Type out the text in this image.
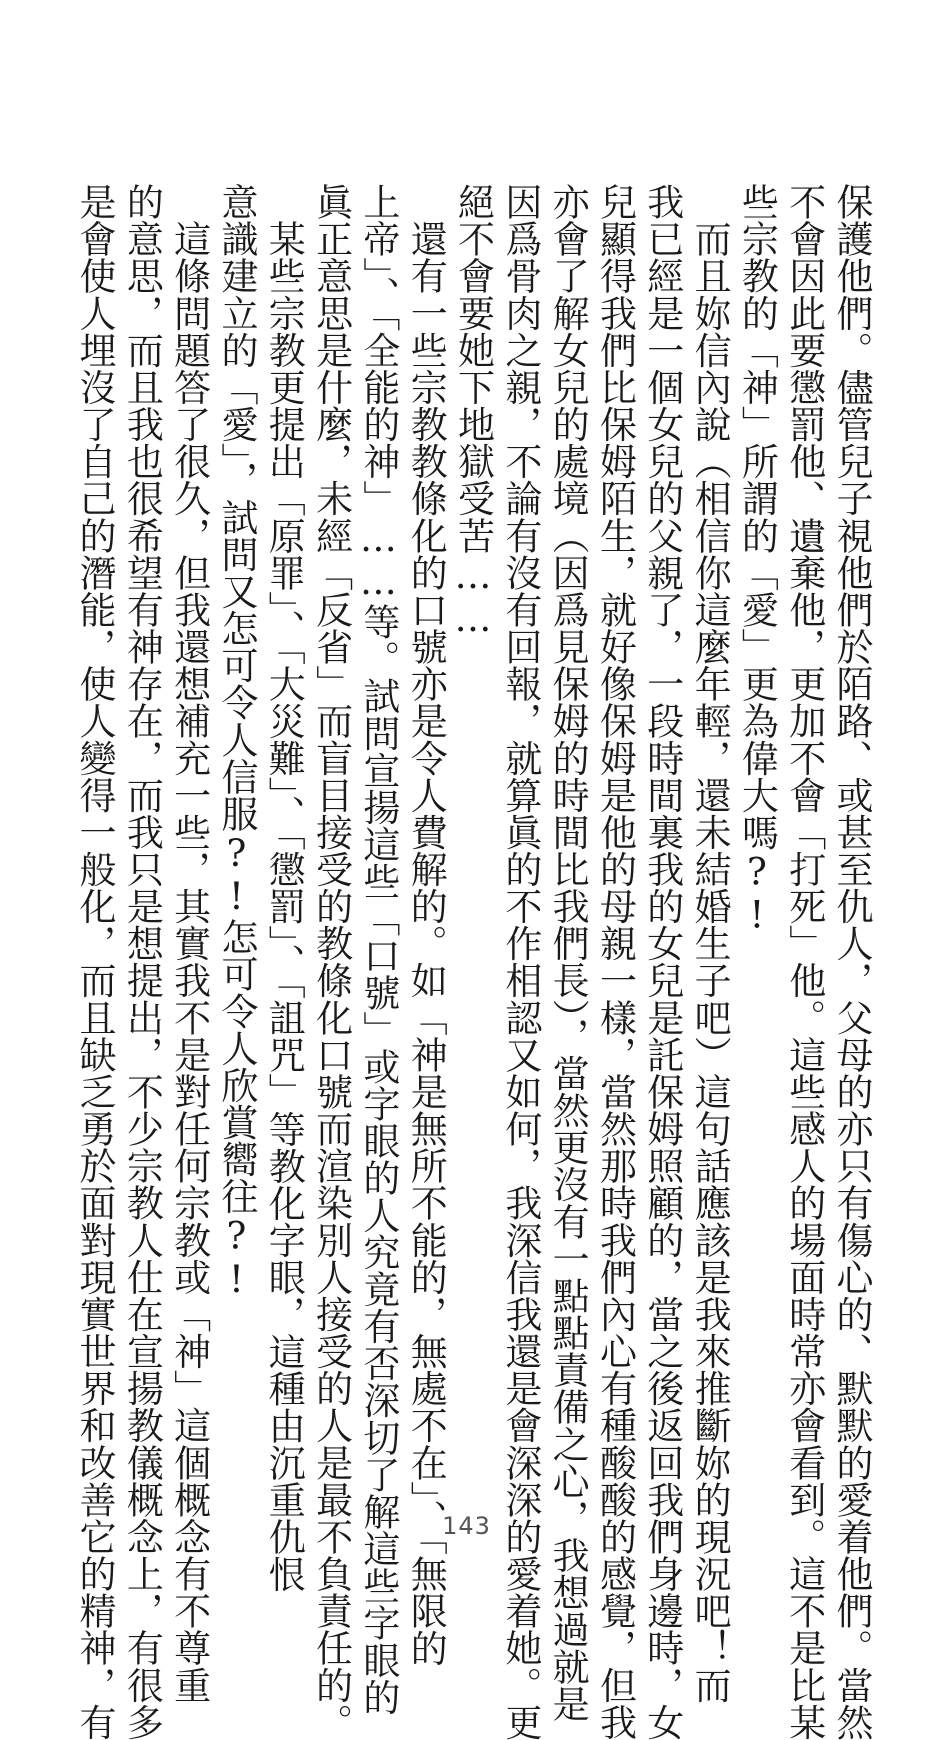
保護他們。儘管兒子視他們於陌路、或甚至仇人，父母的亦只有傷心的、默默的愛着他們。當然
不會因此要懲罰他、遺棄他，更加不會「打死」他。這些感人的場面時常亦會看到。這不是比某
些宗教的「神」所謂的「愛」更為偉大嗎?!
　而且妳信內說（相信你這麼年輕，還未結婚生子吧）這句話應該是我來推斷妳的現況吧！而
我已經是一個女兒的父親了，一段時間裏我的女兒是託保姆照顧的，當之後返回我們身邊時，女
兒顯得我們比保姆陌生，就好像保姆是他的母親一樣，當然那時我們內心有種酸酸的感覺，但我
亦會了解女兒的處境（因爲見保姆的時間比我們長），當然更沒有一點點責備之心，我想過就是
因爲骨肉之親，不論有沒有回報，就算眞的不作相認又如何，我深信我還是會深深的愛着她。更
絕不會要她下地獄受苦……
　還有一些宗教教條化的口號亦是令人費解的。如「神是無所不能的，無處不在」、「無限的
上帝」、「全能的神」……等。試問宣揚這些「口號」或字眼的人究竟有否深切了解這些字眼的
眞正意思是什麼，未經「反省」而盲目接受的教條化口號而渲染別人接受的人是最不負責任的。
　某些宗教更提出「原罪」、「大災難」、「懲罰」、「詛咒」等教化字眼，這種由沉重仇恨
意識建立的「愛」，試問又怎可令人信服?!怎可令人欣賞嚮往?!
　這條問題答了很久，但我還想補充一些，其實我不是對任何宗教或「神」這個概念有不尊重
的意思，而且我也很希望有神存在，而我只是想提出，不少宗教人仕在宣揚教儀概念上，有很多
是會使人埋沒了自己的潛能，使人變得一般化，而且缺乏勇於面對現實世界和改善它的精神，有	143
